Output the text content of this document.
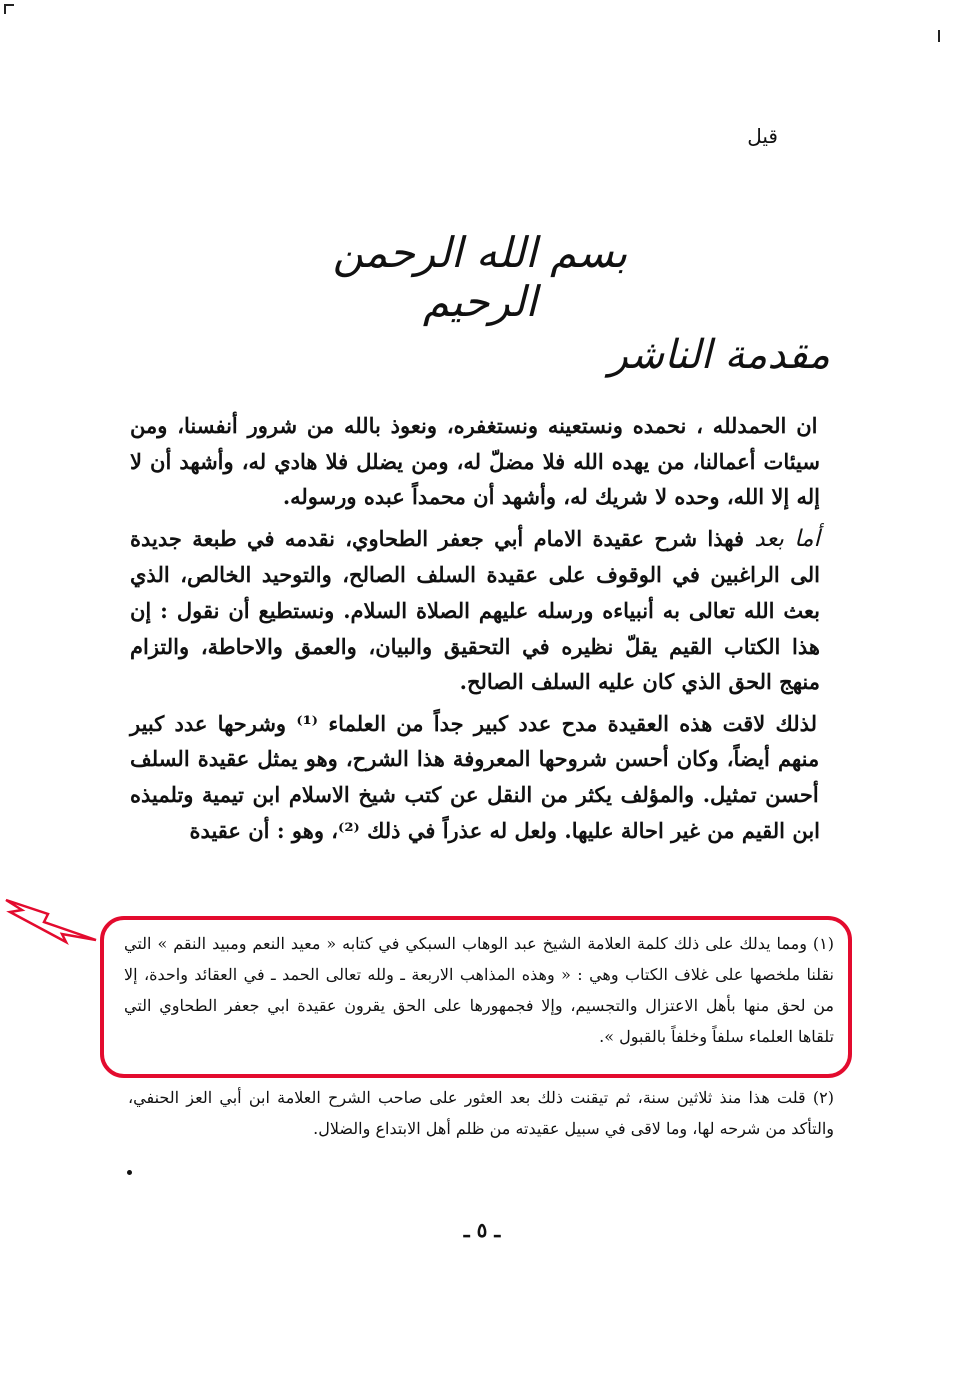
قيل
بسم الله الرحمن الرحيم
مقدمة الناشر

ان الحمدلله ، نحمده ونستعينه ونستغفره، ونعوذ بالله من شرور أنفسنا، ومن سيئات أعمالنا، من يهده الله فلا مضلّ له، ومن يضلل فلا هادي له، وأشهد أن لا إله إلا الله، وحده لا شريك له، وأشهد أن محمداً عبده ورسوله.

أما بعد فهذا شرح عقيدة الامام أبي جعفر الطحاوي، نقدمه في طبعة جديدة الى الراغبين في الوقوف على عقيدة السلف الصالح، والتوحيد الخالص، الذي بعث الله تعالى به أنبياءه ورسله عليهم الصلاة السلام. ونستطيع أن نقول : إن هذا الكتاب القيم يقلّ نظيره في التحقيق والبيان، والعمق والاحاطة، والتزام منهج الحق الذي كان عليه السلف الصالح.

لذلك لاقت هذه العقيدة مدح عدد كبير جداً من العلماء ⁽¹⁾ وشرحها عدد كبير منهم أيضاً، وكان أحسن شروحها المعروفة هذا الشرح، وهو يمثل عقيدة السلف أحسن تمثيل. والمؤلف يكثر من النقل عن كتب شيخ الاسلام ابن تيمية وتلميذه ابن القيم من غير احالة عليها. ولعل له عذراً في ذلك ⁽²⁾، وهو : أن عقيدة

(١) ومما يدلك على ذلك كلمة العلامة الشيخ عبد الوهاب السبكي في كتابه « معيد النعم ومبيد النقم » التي نقلنا ملخصها على غلاف الكتاب وهي : « وهذه المذاهب الاربعة ـ ولله تعالى الحمد ـ في العقائد واحدة، إلا من لحق منها بأهل الاعتزال والتجسيم، وإلا فجمهورها على الحق يقرون عقيدة ابي جعفر الطحاوي التي تلقاها العلماء سلفاً وخلفاً بالقبول ».

(٢) قلت هذا منذ ثلاثين سنة، ثم تيقنت ذلك بعد العثور على صاحب الشرح العلامة ابن أبي العز الحنفي، والتأكد من شرحه لها، وما لاقى في سبيل عقيدته من ظلم أهل الابتداع والضلال.

ـ ٥ ـ
